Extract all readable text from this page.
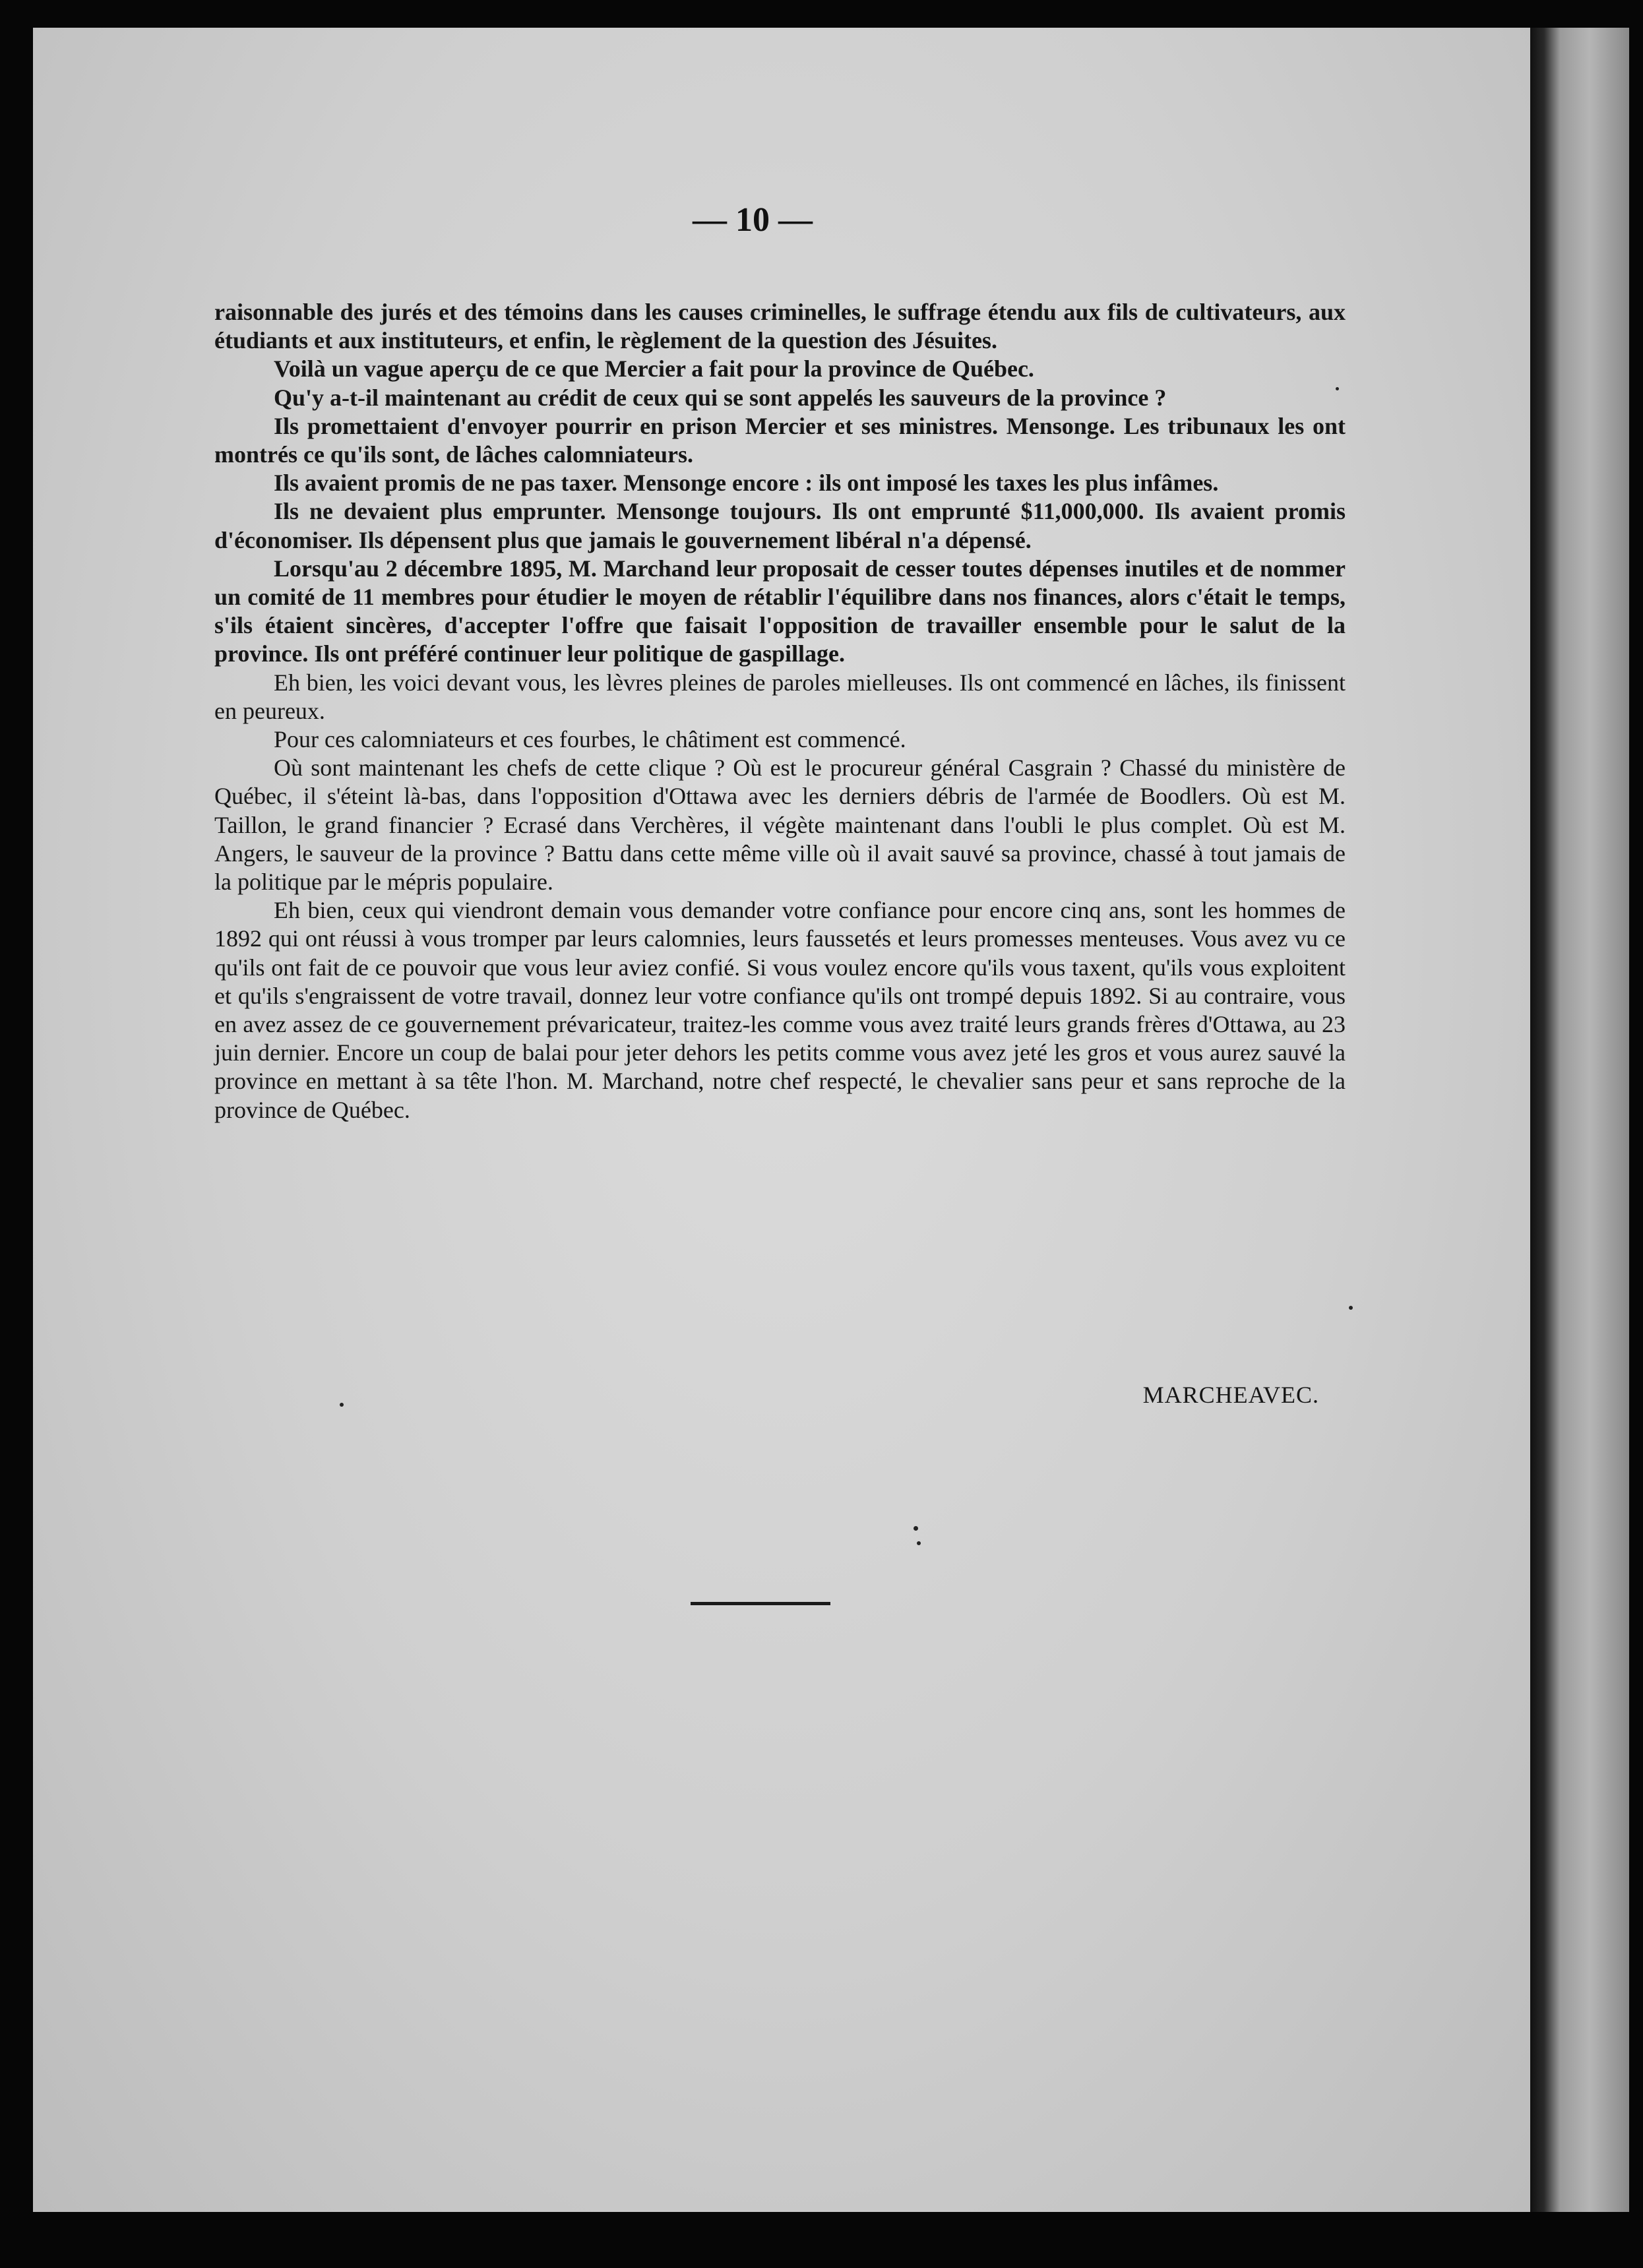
— 10 —

raisonnable des jurés et des témoins dans les causes criminelles, le suffrage étendu aux fils de cultivateurs, aux étudiants et aux instituteurs, et enfin, le règlement de la question des Jésuites.

Voilà un vague aperçu de ce que Mercier a fait pour la province de Québec.

Qu'y a-t-il maintenant au crédit de ceux qui se sont appelés les sauveurs de la province ?

Ils promettaient d'envoyer pourrir en prison Mercier et ses ministres. Mensonge. Les tribunaux les ont montrés ce qu'ils sont, de lâches calomniateurs.

Ils avaient promis de ne pas taxer. Mensonge encore : ils ont imposé les taxes les plus infâmes.

Ils ne devaient plus emprunter. Mensonge toujours. Ils ont emprunté $11,000,000. Ils avaient promis d'économiser. Ils dépensent plus que jamais le gouvernement libéral n'a dépensé.

Lorsqu'au 2 décembre 1895, M. Marchand leur proposait de cesser toutes dépenses inutiles et de nommer un comité de 11 membres pour étudier le moyen de rétablir l'équilibre dans nos finances, alors c'était le temps, s'ils étaient sincères, d'accepter l'offre que faisait l'opposition de travailler ensemble pour le salut de la province. Ils ont préféré continuer leur politique de gaspillage.

Eh bien, les voici devant vous, les lèvres pleines de paroles mielleuses. Ils ont commencé en lâches, ils finissent en peureux.

Pour ces calomniateurs et ces fourbes, le châtiment est commencé.

Où sont maintenant les chefs de cette clique ? Où est le procureur général Casgrain ? Chassé du ministère de Québec, il s'éteint là-bas, dans l'opposition d'Ottawa avec les derniers débris de l'armée de Boodlers. Où est M. Taillon, le grand financier ? Ecrasé dans Verchères, il végète maintenant dans l'oubli le plus complet. Où est M. Angers, le sauveur de la province ? Battu dans cette même ville où il avait sauvé sa province, chassé à tout jamais de la politique par le mépris populaire.

Eh bien, ceux qui viendront demain vous demander votre confiance pour encore cinq ans, sont les hommes de 1892 qui ont réussi à vous tromper par leurs calomnies, leurs faussetés et leurs promesses menteuses. Vous avez vu ce qu'ils ont fait de ce pouvoir que vous leur aviez confié. Si vous voulez encore qu'ils vous taxent, qu'ils vous exploitent et qu'ils s'engraissent de votre travail, donnez leur votre confiance qu'ils ont trompé depuis 1892. Si au contraire, vous en avez assez de ce gouvernement prévaricateur, traitez-les comme vous avez traité leurs grands frères d'Ottawa, au 23 juin dernier. Encore un coup de balai pour jeter dehors les petits comme vous avez jeté les gros et vous aurez sauvé la province en mettant à sa tête l'hon. M. Marchand, notre chef respecté, le chevalier sans peur et sans reproche de la province de Québec.

MARCHEAVEC.
